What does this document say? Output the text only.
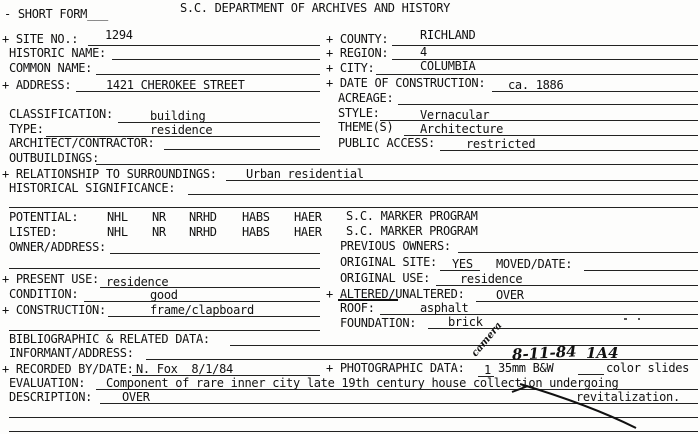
- SHORT FORM___	S.C. DEPARTMENT OF ARCHIVES AND HISTORY
+ SITE NO.: 1294	+ COUNTY:	RICHLAND
HISTORIC NAME:	+ REGION:	4
COMMON NAME:	+ CITY:	COLUMBIA
+ ADDRESS:	1421 CHEROKEE STREET	+ DATE OF CONSTRUCTION: ca. 1886
ACREAGE:
CLASSIFICATION:	building	STYLE:	Vernacular
TYPE:	residence	THEME(S) Architecture
ARCHITECT/CONTRACTOR:	PUBLIC ACCESS:	restricted
OUTBUILDINGS:
+ RELATIONSHIP TO SURROUNDINGS: Urban residential
HISTORICAL SIGNIFICANCE:
POTENTIAL: NHL NR NRHD HABS HAER S.C. MARKER PROGRAM
LISTED:	NHL NR NRHD HABS HAER S.C. MARKER PROGRAM
OWNER/ADDRESS:	PREVIOUS OWNERS:
ORIGINAL SITE: YES MOVED/DATE:
+ PRESENT USE: residence	ORIGINAL USE: residence
CONDITION:	good	+ ALTERED/UNALTERED:	OVER
+ CONSTRUCTION:	frame/clapboard	ROOF:	asphalt
FOUNDATION:	brick
BIBLIOGRAPHIC & RELATED DATA:
INFORMANT/ADDRESS:
+ RECORDED BY/DATE: N. Fox  8/1/84	+ PHOTOGRAPHIC DATA: 1 35mm B&W	color slides
camera 8-11-84 1A4
EVALUATION: Component of rare inner city late 19th century house collection undergoing
DESCRIPTION: OVER	revitalization.
